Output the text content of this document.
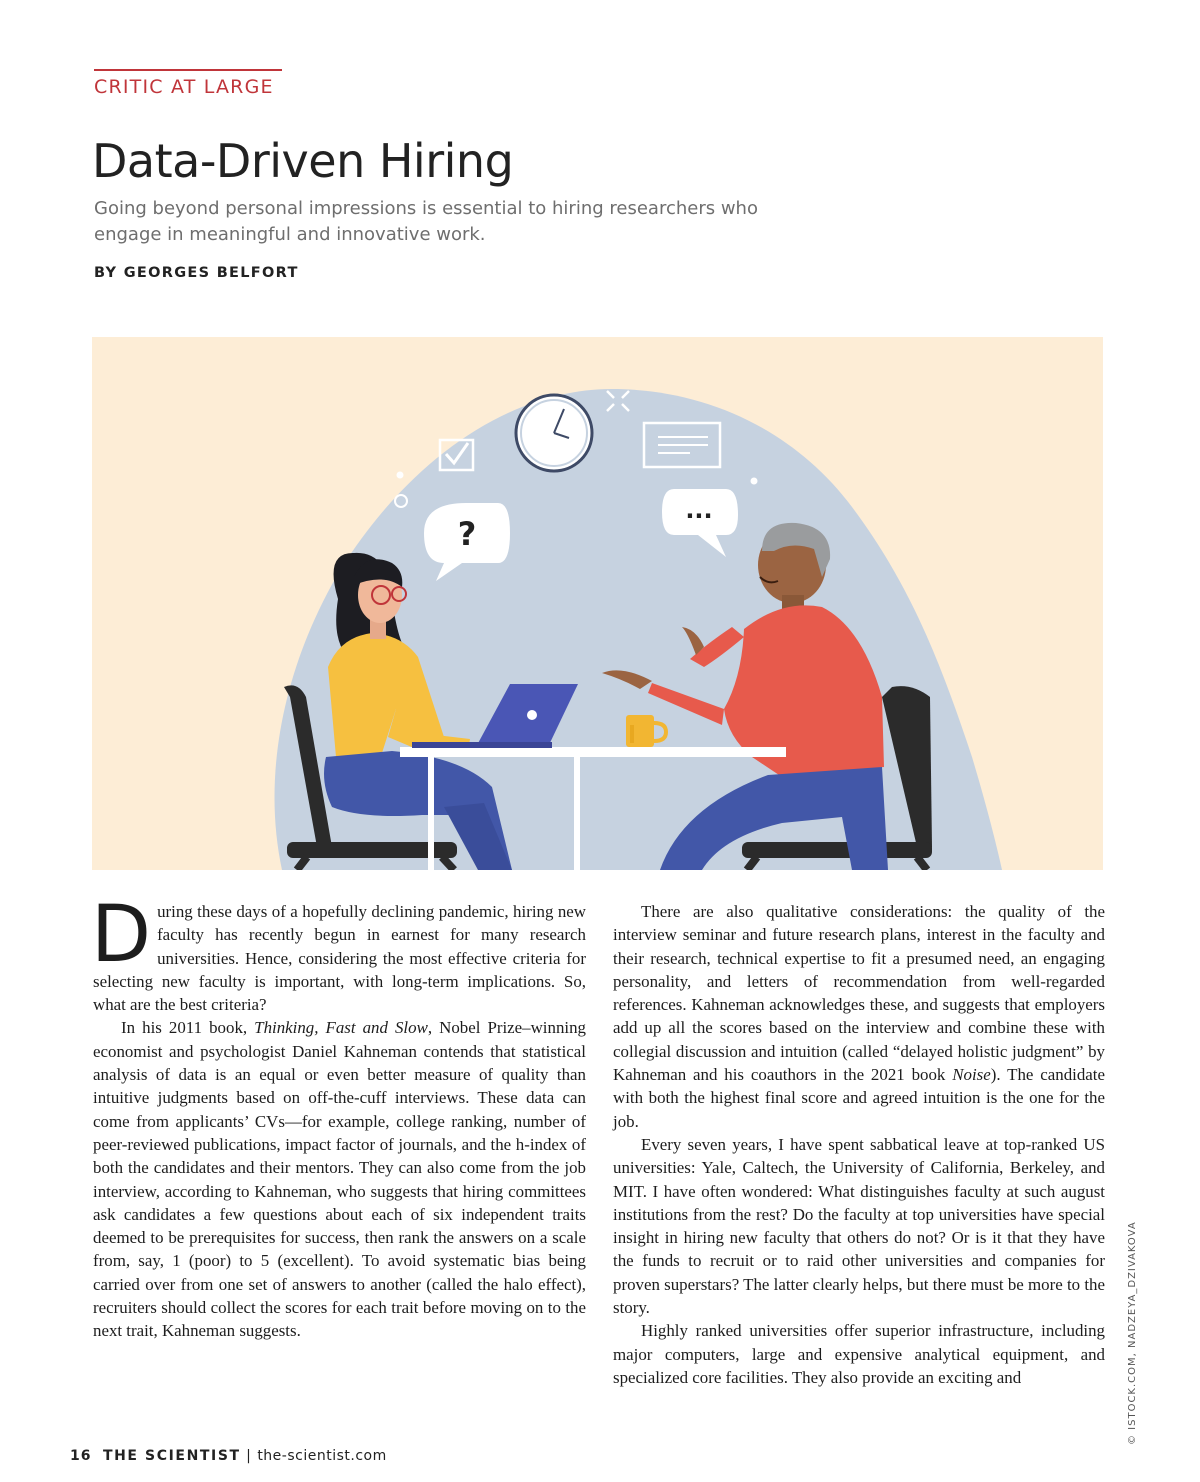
CRITIC AT LARGE
Data-Driven Hiring
Going beyond personal impressions is essential to hiring researchers who engage in meaningful and innovative work.
BY GEORGES BELFORT
?
...

During these days of a hopefully declining pandemic, hiring new faculty has recently begun in earnest for many research universities. Hence, considering the most effective criteria for selecting new faculty is important, with long-term implications. So, what are the best criteria?

In his 2011 book, Thinking, Fast and Slow, Nobel Prize–winning economist and psychologist Daniel Kahneman contends that statistical analysis of data is an equal or even better measure of quality than intuitive judgments based on off-the-cuff interviews. These data can come from applicants’ CVs—for example, college ranking, number of peer-reviewed publications, impact factor of journals, and the h-index of both the candidates and their mentors. They can also come from the job interview, according to Kahneman, who suggests that hiring committees ask candidates a few questions about each of six independent traits deemed to be prerequisites for success, then rank the answers on a scale from, say, 1 (poor) to 5 (excellent). To avoid systematic bias being carried over from one set of answers to another (called the halo effect), recruiters should collect the scores for each trait before moving on to the next trait, Kahneman suggests.

There are also qualitative considerations: the quality of the interview seminar and future research plans, interest in the faculty and their research, technical expertise to fit a presumed need, an engaging personality, and letters of recommendation from well-regarded references. Kahneman acknowledges these, and suggests that employers add up all the scores based on the interview and combine these with collegial discussion and intuition (called “delayed holistic judgment” by Kahneman and his coauthors in the 2021 book Noise). The candidate with both the highest final score and agreed intuition is the one for the job.

Every seven years, I have spent sabbatical leave at top-ranked US universities: Yale, Caltech, the University of California, Berkeley, and MIT. I have often wondered: What distinguishes faculty at such august institutions from the rest? Do the faculty at top universities have special insight in hiring new faculty that others do not? Or is it that they have the funds to recruit or to raid other universities and companies for proven superstars? The latter clearly helps, but there must be more to the story.

Highly ranked universities offer superior infrastructure, including major computers, large and expensive analytical equipment, and specialized core facilities. They also provide an exciting and	© ISTOCK.COM, NADZEYA_DZIVAKOVA
16 THE SCIENTIST | the-scientist.com
